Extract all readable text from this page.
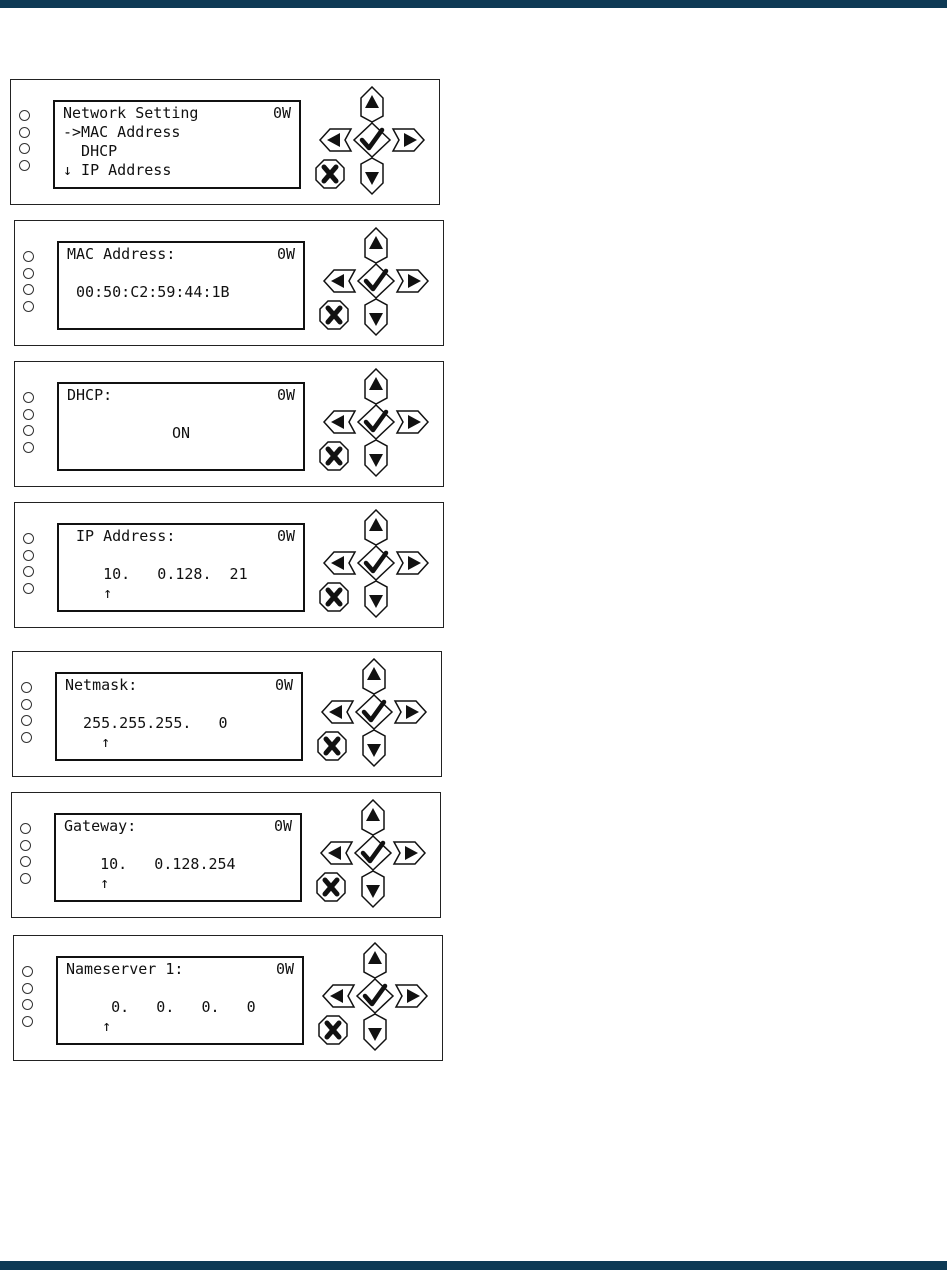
Network Setting	0W
->MAC Address
DHCP
↓ IP Address
MAC Address:	0W
00:50:C2:59:44:1B
DHCP:	0W
ON
IP Address:	0W
10.   0.128.  21
↑
Netmask:	0W
255.255.255.   0
↑
Gateway:	0W
10.   0.128.254
↑
Nameserver 1:	0W
0.   0.   0.   0
↑
